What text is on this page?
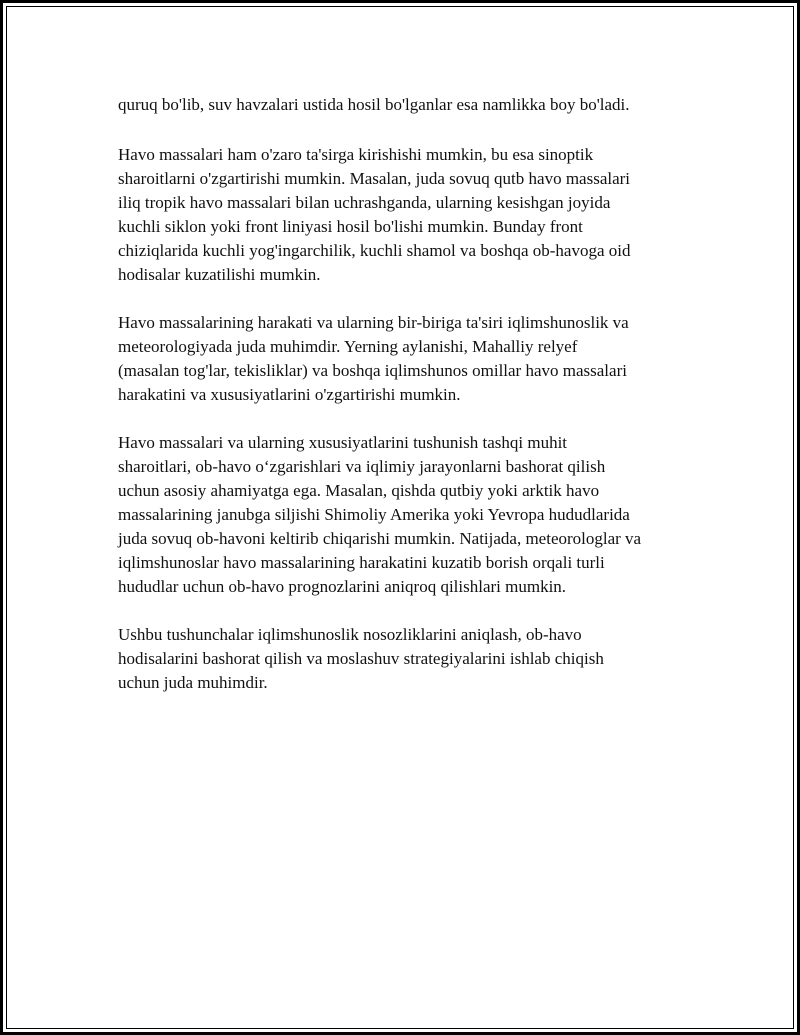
quruq bo'lib, suv havzalari ustida hosil bo'lganlar esa namlikka boy bo'ladi.
Havo massalari ham o'zaro ta'sirga kirishishi mumkin, bu esa sinoptik
sharoitlarni o'zgartirishi mumkin. Masalan, juda sovuq qutb havo massalari
iliq tropik havo massalari bilan uchrashganda, ularning kesishgan joyida
kuchli siklon yoki front liniyasi hosil bo'lishi mumkin. Bunday front
chiziqlarida kuchli yog'ingarchilik, kuchli shamol va boshqa ob-havoga oid
hodisalar kuzatilishi mumkin.
Havo massalarining harakati va ularning bir-biriga ta'siri iqlimshunoslik va
meteorologiyada juda muhimdir. Yerning aylanishi, Mahalliy relyef
(masalan tog'lar, tekisliklar) va boshqa iqlimshunos omillar havo massalari
harakatini va xususiyatlarini o'zgartirishi mumkin.
Havo massalari va ularning xususiyatlarini tushunish tashqi muhit
sharoitlari, ob-havo o‘zgarishlari va iqlimiy jarayonlarni bashorat qilish
uchun asosiy ahamiyatga ega. Masalan, qishda qutbiy yoki arktik havo
massalarining janubga siljishi Shimoliy Amerika yoki Yevropa hududlarida
juda sovuq ob-havoni keltirib chiqarishi mumkin. Natijada, meteorologlar va
iqlimshunoslar havo massalarining harakatini kuzatib borish orqali turli
hududlar uchun ob-havo prognozlarini aniqroq qilishlari mumkin.
Ushbu tushunchalar iqlimshunoslik nosozliklarini aniqlash, ob-havo
hodisalarini bashorat qilish va moslashuv strategiyalarini ishlab chiqish
uchun juda muhimdir.
